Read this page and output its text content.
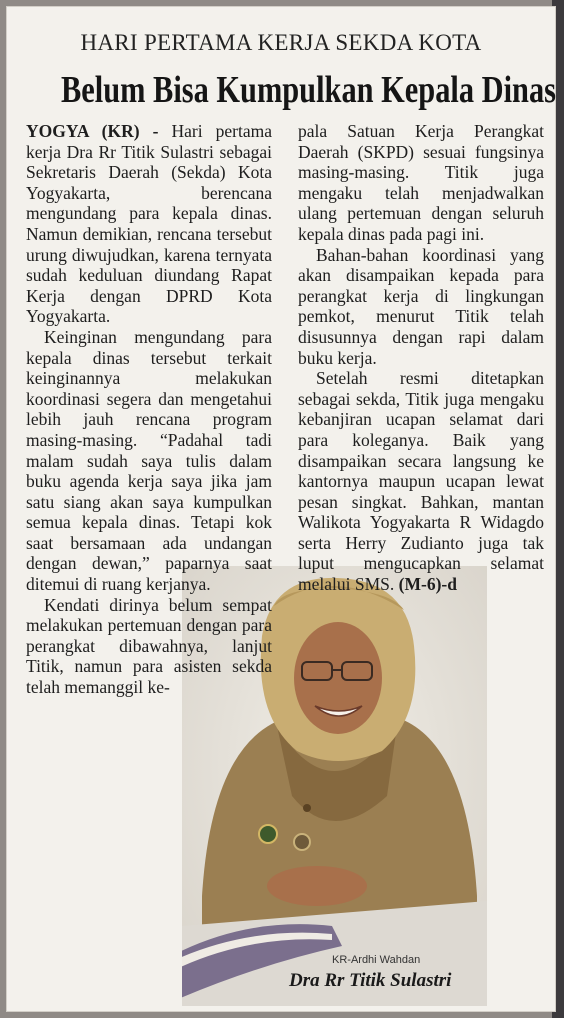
HARI PERTAMA KERJA SEKDA KOTA
Belum Bisa Kumpulkan Kepala Dinas

YOGYA (KR) - Hari pertama kerja Dra Rr Titik Sulastri sebagai Sekretaris Daerah (Sekda) Kota Yogyakarta, berencana mengundang para kepala dinas. Namun demikian, rencana tersebut urung diwujudkan, karena ternyata sudah keduluan diundang Rapat Kerja dengan DPRD Kota Yogyakarta.

Keinginan mengundang para kepala dinas tersebut terkait keinginannya melakukan koordinasi segera dan mengetahui lebih jauh rencana program masing-masing. “Padahal tadi malam sudah saya tulis dalam buku agenda kerja saya jika jam satu siang akan saya kumpulkan semua kepala dinas. Tetapi kok saat bersamaan ada undangan dengan dewan,” paparnya saat ditemui di ruang kerjanya.

Kendati dirinya belum sempat melakukan pertemuan dengan para perangkat dibawahnya, lanjut Titik, namun para asisten sekda telah memanggil ke-

pala Satuan Kerja Perangkat Daerah (SKPD) sesuai fungsinya masing-masing. Titik juga mengaku telah menjadwalkan ulang pertemuan dengan seluruh kepala dinas pada pagi ini.

Bahan-bahan koordinasi yang akan disampaikan kepada para perangkat kerja di lingkungan pemkot, menurut Titik telah disusunnya dengan rapi dalam buku kerja.

Setelah resmi ditetapkan sebagai sekda, Titik juga mengaku kebanjiran ucapan selamat dari para koleganya. Baik yang disampaikan secara langsung ke kantornya maupun ucapan lewat pesan singkat. Bahkan, mantan Walikota Yogyakarta R Widagdo serta Herry Zudianto juga tak luput mengucapkan selamat melalui SMS. (M-6)-d

KR-Ardhi Wahdan
Dra Rr Titik Sulastri
